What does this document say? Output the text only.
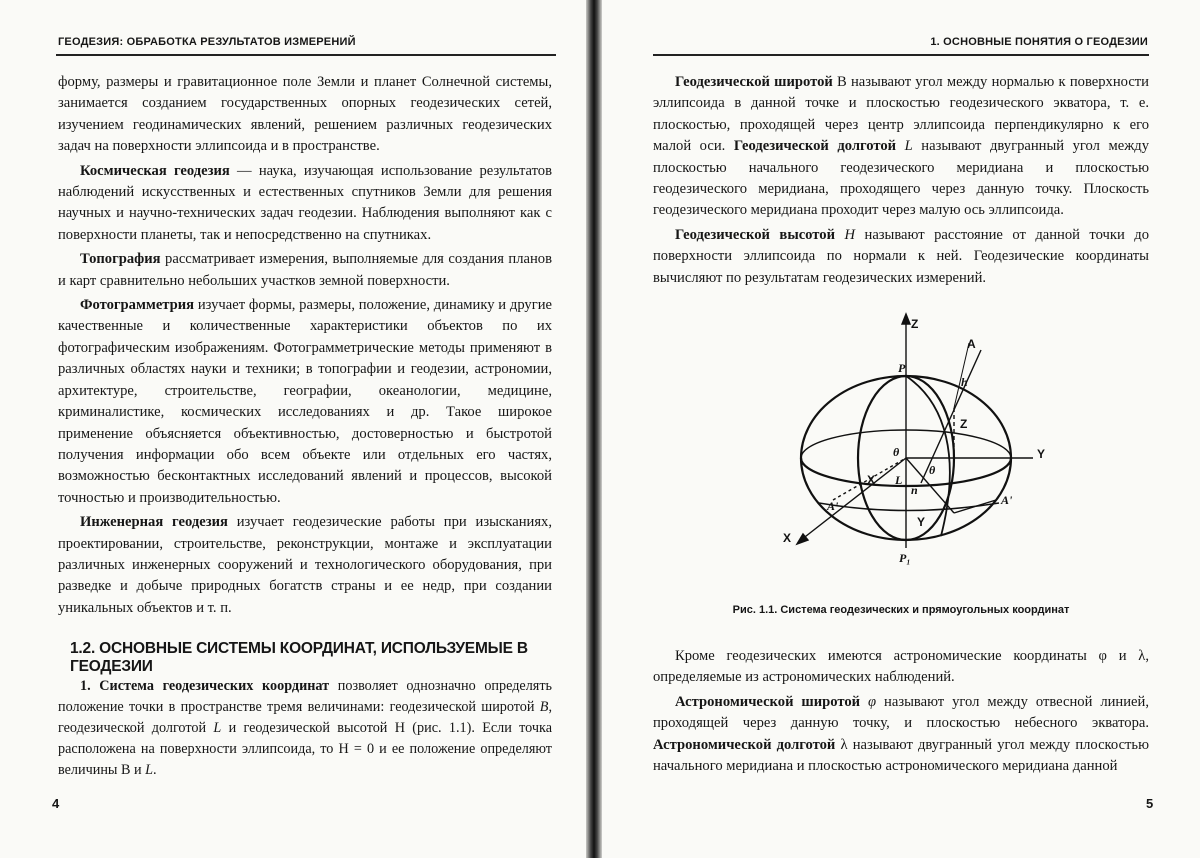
ГЕОДЕЗИЯ: ОБРАБОТКА РЕЗУЛЬТАТОВ ИЗМЕРЕНИЙ

форму, размеры и гравитационное поле Земли и планет Солнечной системы, занимается созданием государственных опорных геодезических сетей, изучением геодинамических явлений, решением различных геодезических задач на поверхности эллипсоида и в пространстве.

Космическая геодезия — наука, изучающая использование результатов наблюдений искусственных и естественных спутников Земли для решения научных и научно-технических задач геодезии. Наблюдения выполняют как с поверхности планеты, так и непосредственно на спутниках.

Топография рассматривает измерения, выполняемые для создания планов и карт сравнительно небольших участков земной поверхности.

Фотограмметрия изучает формы, размеры, положение, динамику и другие качественные и количественные характеристики объектов по их фотографическим изображениям. Фотограмметрические методы применяют в различных областях науки и техники; в топографии и геодезии, астрономии, архитектуре, строительстве, географии, океанологии, медицине, криминалистике, космических исследованиях и др. Такое широкое применение объясняется объективностью, достоверностью и быстротой получения информации обо всем объекте или отдельных его частях, возможностью бесконтактных исследований явлений и процессов, высокой точностью и производительностью.

Инженерная геодезия изучает геодезические работы при изысканиях, проектировании, строительстве, реконструкции, монтаже и эксплуатации различных инженерных сооружений и технологического оборудования, при разведке и добыче природных богатств страны и ее недр, при создании уникальных объектов и т. п.

1.2. ОСНОВНЫЕ СИСТЕМЫ КООРДИНАТ, ИСПОЛЬЗУЕМЫЕ В ГЕОДЕЗИИ

1. Система геодезических координат позволяет однозначно определять положение точки в пространстве тремя величинами: геодезической широтой B, геодезической долготой L и геодезической высотой H (рис. 1.1). Если точка расположена на поверхности эллипсоида, то H = 0 и ее положение определяют величины B и L.

4
1. ОСНОВНЫЕ ПОНЯТИЯ О ГЕОДЕЗИИ

Геодезической широтой B называют угол между нормалью к поверхности эллипсоида в данной точке и плоскостью геодезического экватора, т. е. плоскостью, проходящей через центр эллипсоида перпендикулярно к его малой оси. Геодезической долготой L называют двугранный угол между плоскостью начального геодезического меридиана и плоскостью геодезического меридиана, проходящего через данную точку. Плоскость геодезического меридиана проходит через малую ось эллипсоида.

Геодезической высотой H называют расстояние от данной точки до поверхности эллипсоида по нормали к ней. Геодезические координаты вычисляют по результатам геодезических измерений.

Z
Y
X
A
h
Z
X
Y
A'	A'
θ
θ
L
n
P
P₁
Рис. 1.1. Система геодезических и прямоугольных координат

Кроме геодезических имеются астрономические координаты φ и λ, определяемые из астрономических наблюдений.

Астрономической широтой φ называют угол между отвесной линией, проходящей через данную точку, и плоскостью небесного экватора. Астрономической долготой λ называют двугранный угол между плоскостью начального меридиана и плоскостью астрономического меридиана данной

5
